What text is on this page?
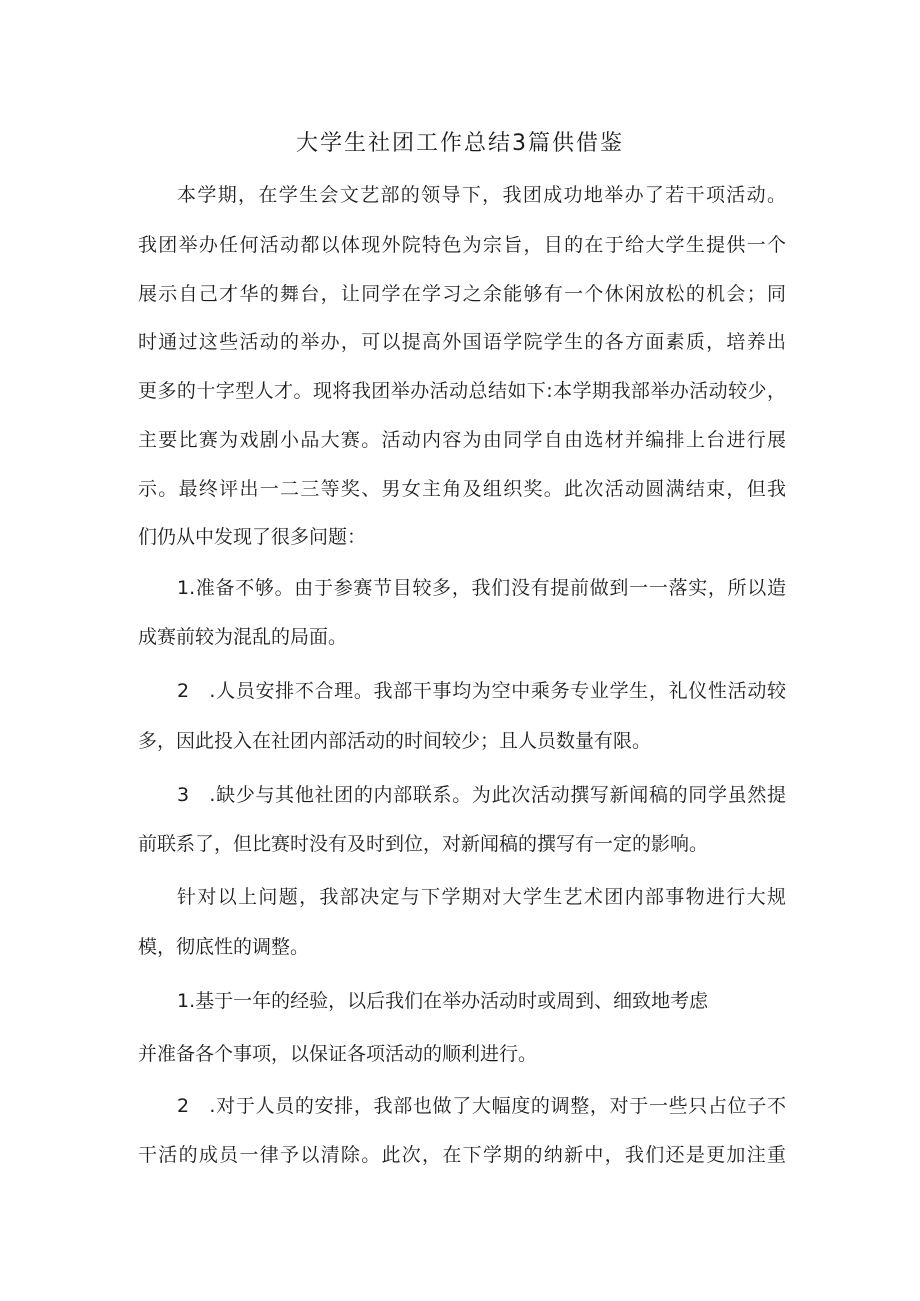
大学生社团工作总结3篇供借鉴
本学期，在学生会文艺部的领导下，我团成功地举办了若干项活动。
我团举办任何活动都以体现外院特色为宗旨，目的在于给大学生提供一个
展示自己才华的舞台，让同学在学习之余能够有一个休闲放松的机会；同
时通过这些活动的举办，可以提高外国语学院学生的各方面素质，培养出
更多的十字型人才。现将我团举办活动总结如下:本学期我部举办活动较少，
主要比赛为戏剧小品大赛。活动内容为由同学自由选材并编排上台进行展
示。最终评出一二三等奖、男女主角及组织奖。此次活动圆满结束，但我
们仍从中发现了很多问题：
1.准备不够。由于参赛节目较多，我们没有提前做到一一落实，所以造
成赛前较为混乱的局面。
2　.人员安排不合理。我部干事均为空中乘务专业学生，礼仪性活动较
多，因此投入在社团内部活动的时间较少；且人员数量有限。
3　.缺少与其他社团的内部联系。为此次活动撰写新闻稿的同学虽然提
前联系了，但比赛时没有及时到位，对新闻稿的撰写有一定的影响。
针对以上问题，我部决定与下学期对大学生艺术团内部事物进行大规
模，彻底性的调整。
1.基于一年的经验，以后我们在举办活动时或周到、细致地考虑
并准备各个事项，以保证各项活动的顺利进行。
2　.对于人员的安排，我部也做了大幅度的调整，对于一些只占位子不
干活的成员一律予以清除。此次，在下学期的纳新中，我们还是更加注重
